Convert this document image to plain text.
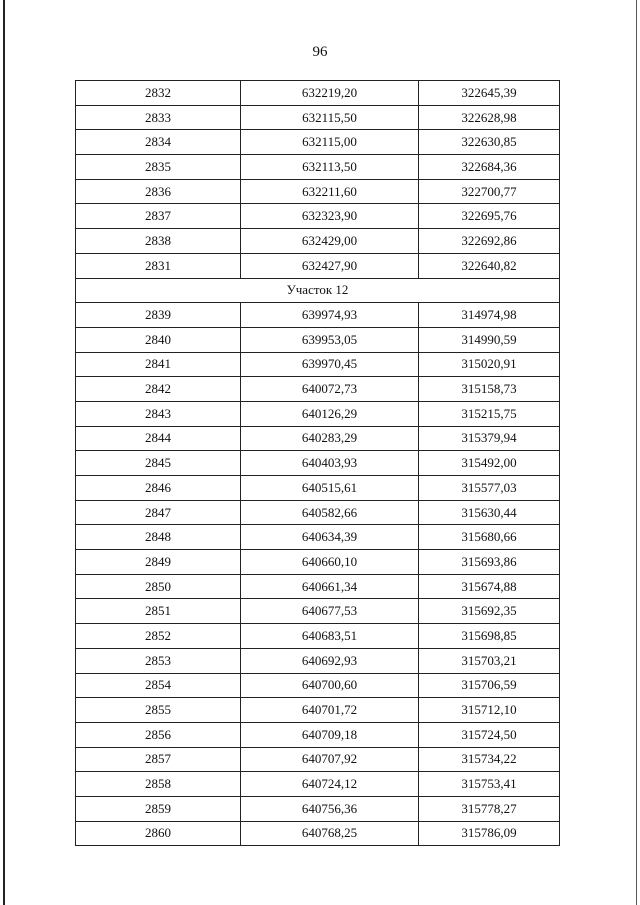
96
2832	632219,20	322645,39
2833	632115,50	322628,98
2834	632115,00	322630,85
2835	632113,50	322684,36
2836	632211,60	322700,77
2837	632323,90	322695,76
2838	632429,00	322692,86
2831	632427,90	322640,82
Участок 12		
2839	639974,93	314974,98
2840	639953,05	314990,59
2841	639970,45	315020,91
2842	640072,73	315158,73
2843	640126,29	315215,75
2844	640283,29	315379,94
2845	640403,93	315492,00
2846	640515,61	315577,03
2847	640582,66	315630,44
2848	640634,39	315680,66
2849	640660,10	315693,86
2850	640661,34	315674,88
2851	640677,53	315692,35
2852	640683,51	315698,85
2853	640692,93	315703,21
2854	640700,60	315706,59
2855	640701,72	315712,10
2856	640709,18	315724,50
2857	640707,92	315734,22
2858	640724,12	315753,41
2859	640756,36	315778,27
2860	640768,25	315786,09
